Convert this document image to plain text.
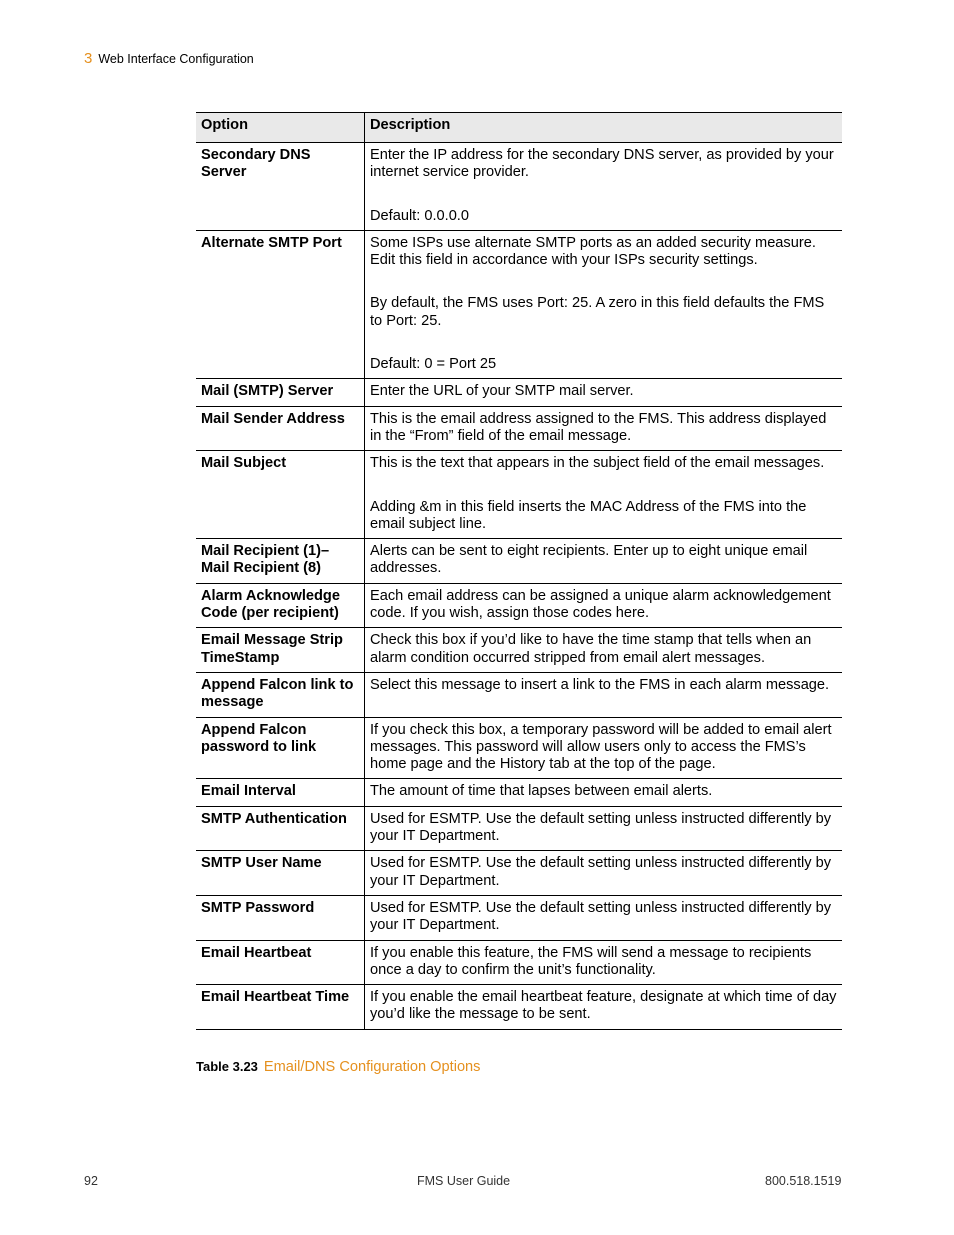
3 Web Interface Configuration
Option	Description
Secondary DNS Server	Enter the IP address for the secondary DNS server, as provided by your internet service provider.

Default: 0.0.0.0

Alternate SMTP Port	Some ISPs use alternate SMTP ports as an added security measure. Edit this field in accordance with your ISPs security settings.

By default, the FMS uses Port: 25. A zero in this field defaults the FMS to Port: 25.

Default: 0 = Port 25

Mail (SMTP) Server	Enter the URL of your SMTP mail server.

Mail Sender Address	This is the email address assigned to the FMS. This address displayed in the “From” field of the email message.

Mail Subject	This is the text that appears in the subject field of the email messages.

Adding &m in this field inserts the MAC Address of the FMS into the email subject line.

Mail Recipient (1)– Mail Recipient (8)	Alerts can be sent to eight recipients. Enter up to eight unique email addresses.

Alarm Acknowledge Code (per recipient)	Each email address can be assigned a unique alarm acknowledgement code. If you wish, assign those codes here.

Email Message Strip TimeStamp	Check this box if you’d like to have the time stamp that tells when an alarm condition occurred stripped from email alert messages.

Append Falcon link to message	Select this message to insert a link to the FMS in each alarm message.

Append Falcon password to link	If you check this box, a temporary password will be added to email alert messages. This password will allow users only to access the FMS’s home page and the History tab at the top of the page.

Email Interval	The amount of time that lapses between email alerts.

SMTP Authentication	Used for ESMTP. Use the default setting unless instructed differently by your IT Department.

SMTP User Name	Used for ESMTP. Use the default setting unless instructed differently by your IT Department.

SMTP Password	Used for ESMTP. Use the default setting unless instructed differently by your IT Department.

Email Heartbeat	If you enable this feature, the FMS will send a message to recipients once a day to confirm the unit’s functionality.

Email Heartbeat Time	If you enable the email heartbeat feature, designate at which time of day you’d like the message to be sent.

Table 3.23 Email/DNS Configuration Options
92	FMS User Guide	800.518.1519
